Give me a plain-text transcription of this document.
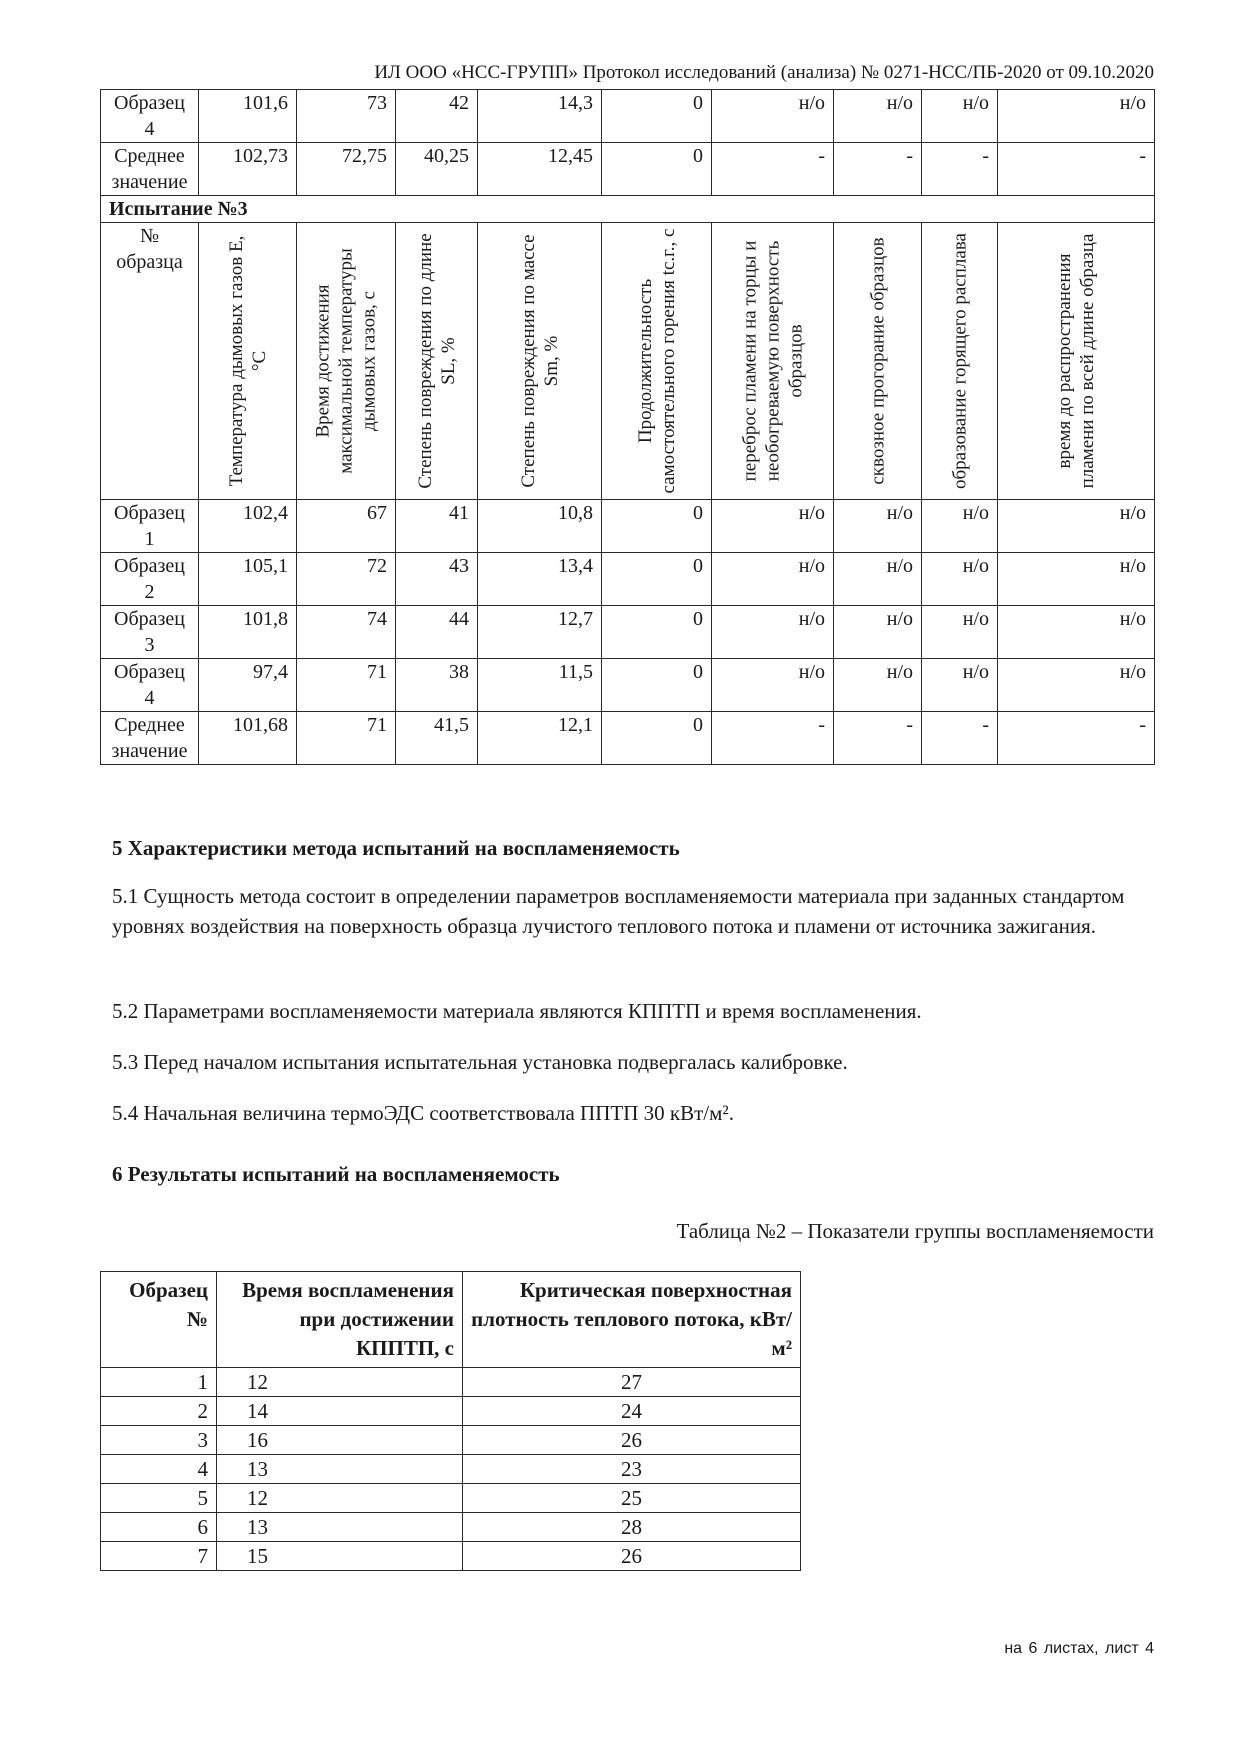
ИЛ ООО «НСС-ГРУПП» Протокол исследований (анализа) № 0271-НСС/ПБ-2020 от 09.10.2020
Образец 4	101,6	73	42	14,3	0	н/о	н/о	н/о	н/о
Среднее значение	102,73	72,75	40,25	12,45	0	-	-	-	-
Испытание №3									
№ образца	Температура дымовых газов E, °C	Время достижения максимальной температуры дымовых газов, с	Степень повреждения по длине SL, %	Степень повреждения по массе Sm, %	Продолжительность самостоятельного горения tс.г., с	переброс пламени на торцы и необогреваемую поверхность образцов	сквозное прогорание образцов	образование горящего расплава	время до распространения пламени по всей длине образца

Образец 1	102,4	67	41	10,8	0	н/о	н/о	н/о	н/о
Образец 2	105,1	72	43	13,4	0	н/о	н/о	н/о	н/о
Образец 3	101,8	74	44	12,7	0	н/о	н/о	н/о	н/о
Образец 4	97,4	71	38	11,5	0	н/о	н/о	н/о	н/о
Среднее значение	101,68	71	41,5	12,1	0	-	-	-	-
5 Характеристики метода испытаний на воспламеняемость
5.1 Сущность метода состоит в определении параметров воспламеняемости материала при заданных стандартом уровнях воздействия на поверхность образца лучистого теплового потока и пламени от источника зажигания.
5.2 Параметрами воспламеняемости материала являются КППТП и время воспламенения.
5.3 Перед началом испытания испытательная установка подвергалась калибровке.
5.4 Начальная величина термоЭДС соответствовала ППТП 30 кВт/м².
6 Результаты испытаний на воспламеняемость
Таблица №2 – Показатели группы воспламеняемости
Образец №	Время воспламенения при достижении КППТП, с	Критическая поверхностная плотность теплового потока, кВт/м²
1	12	27
2	14	24
3	16	26
4	13	23
5	12	25
6	13	28
7	15	26
на 6 листах, лист 4
